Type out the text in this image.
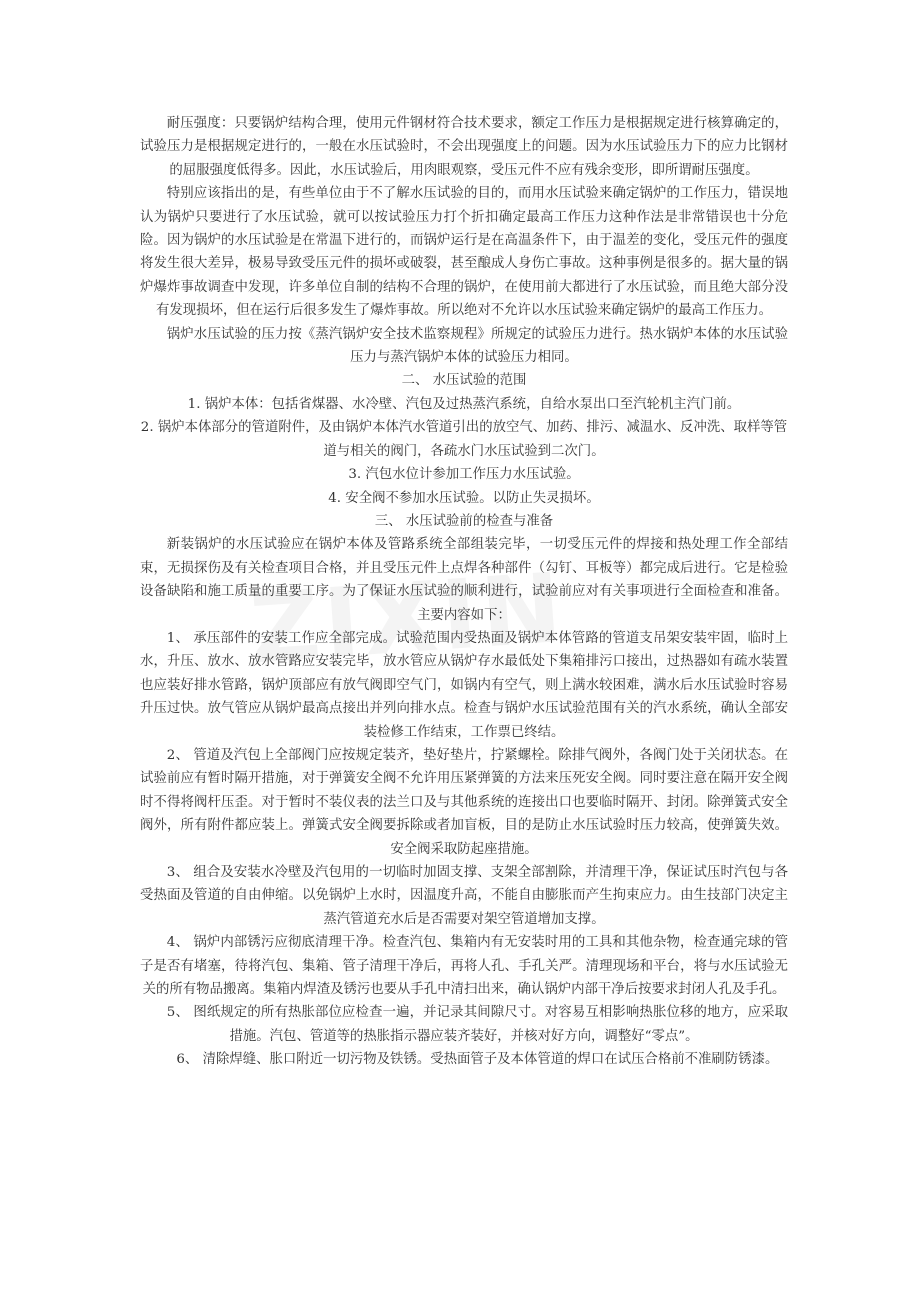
耐压强度：只要锅炉结构合理，使用元件钢材符合技术要求，额定工作压力是根据规定进行核算确定的，试验压力是根据规定进行的，一般在水压试验时，不会出现强度上的问题。因为水压试验压力下的应力比钢材的屈服强度低得多。因此，水压试验后，用肉眼观察，受压元件不应有残余变形，即所谓耐压强度。

特别应该指出的是，有些单位由于不了解水压试验的目的，而用水压试验来确定锅炉的工作压力，错误地认为锅炉只要进行了水压试验，就可以按试验压力打个折扣确定最高工作压力这种作法是非常错误也十分危险。因为锅炉的水压试验是在常温下进行的，而锅炉运行是在高温条件下，由于温差的变化，受压元件的强度将发生很大差异，极易导致受压元件的损坏或破裂，甚至酿成人身伤亡事故。这种事例是很多的。据大量的锅炉爆炸事故调查中发现，许多单位自制的结构不合理的锅炉，在使用前大都进行了水压试验，而且绝大部分没有发现损坏，但在运行后很多发生了爆炸事故。所以绝对不允许以水压试验来确定锅炉的最高工作压力。

锅炉水压试验的压力按《蒸汽锅炉安全技术监察规程》所规定的试验压力进行。热水锅炉本体的水压试验压力与蒸汽锅炉本体的试验压力相同。

二、 水压试验的范围

1. 锅炉本体：包括省煤器、水冷壁、汽包及过热蒸汽系统，自给水泵出口至汽轮机主汽门前。

2. 锅炉本体部分的管道附件，及由锅炉本体汽水管道引出的放空气、加药、排污、减温水、反冲洗、取样等管道与相关的阀门，各疏水门水压试验到二次门。

3. 汽包水位计参加工作压力水压试验。

4. 安全阀不参加水压试验。以防止失灵损坏。

三、 水压试验前的检查与准备

新装锅炉的水压试验应在锅炉本体及管路系统全部组装完毕，一切受压元件的焊接和热处理工作全部结束，无损探伤及有关检查项目合格，并且受压元件上点焊各种部件（勾钉、耳板等）都完成后进行。它是检验设备缺陷和施工质量的重要工序。为了保证水压试验的顺利进行，试验前应对有关事项进行全面检查和准备。主要内容如下：

1、 承压部件的安装工作应全部完成。试验范围内受热面及锅炉本体管路的管道支吊架安装牢固，临时上水，升压、放水、放水管路应安装完毕，放水管应从锅炉存水最低处下集箱排污口接出，过热器如有疏水装置也应装好排水管路，锅炉顶部应有放气阀即空气门，如锅内有空气，则上满水较困难，满水后水压试验时容易升压过快。放气管应从锅炉最高点接出并列向排水点。检查与锅炉水压试验范围有关的汽水系统，确认全部安装检修工作结束，工作票已终结。

2、 管道及汽包上全部阀门应按规定装齐，垫好垫片，拧紧螺栓。除排气阀外，各阀门处于关闭状态。在试验前应有暂时隔开措施，对于弹簧安全阀不允许用压紧弹簧的方法来压死安全阀。同时要注意在隔开安全阀时不得将阀杆压歪。对于暂时不装仪表的法兰口及与其他系统的连接出口也要临时隔开、封闭。除弹簧式安全阀外，所有附件都应装上。弹簧式安全阀要拆除或者加盲板，目的是防止水压试验时压力较高，使弹簧失效。安全阀采取防起座措施。

3、 组合及安装水冷壁及汽包用的一切临时加固支撑、支架全部割除，并清理干净，保证试压时汽包与各受热面及管道的自由伸缩。以免锅炉上水时，因温度升高，不能自由膨胀而产生拘束应力。由生技部门决定主蒸汽管道充水后是否需要对架空管道增加支撑。

4、 锅炉内部锈污应彻底清理干净。检查汽包、集箱内有无安装时用的工具和其他杂物，检查通完球的管子是否有堵塞，待将汽包、集箱、管子清理干净后，再将人孔、手孔关严。清理现场和平台，将与水压试验无关的所有物品搬离。集箱内焊渣及锈污也要从手孔中清扫出来，确认锅炉内部干净后按要求封闭人孔及手孔。

5、 图纸规定的所有热胀部位应检查一遍，并记录其间隙尺寸。对容易互相影响热胀位移的地方，应采取措施。汽包、管道等的热胀指示器应装齐装好，并核对好方向，调整好“零点”。

6、 清除焊缝、胀口附近一切污物及铁锈。受热面管子及本体管道的焊口在试压合格前不准刷防锈漆。
